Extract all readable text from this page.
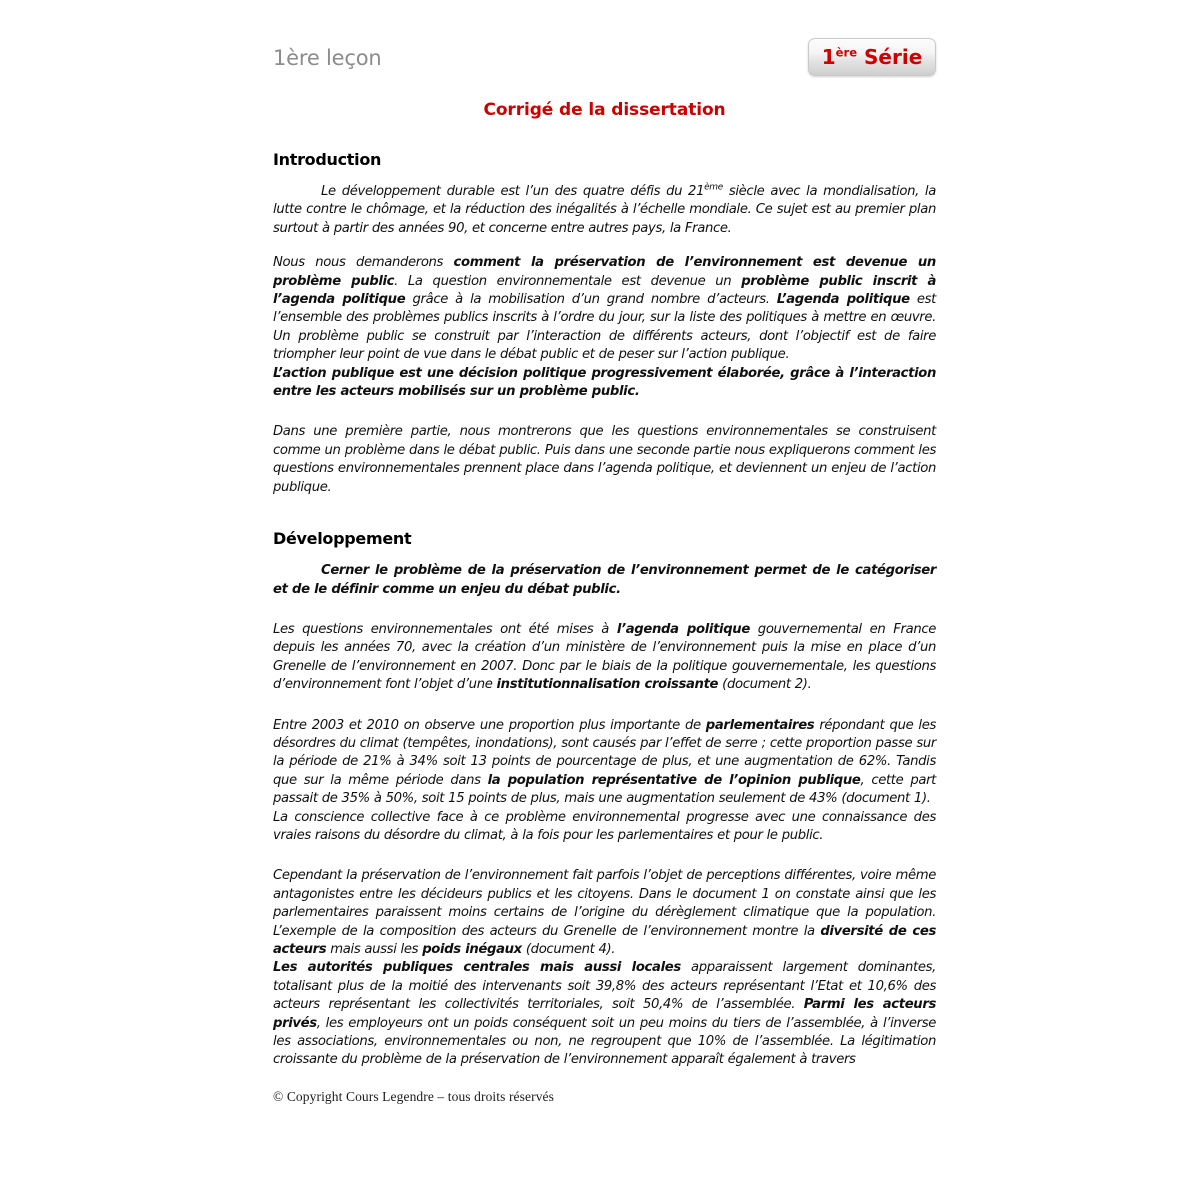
1ère leçon	1ère Série
Corrigé de la dissertation
Introduction

Le développement durable est l’un des quatre défis du 21ème siècle avec la mondialisation, la lutte contre le chômage, et la réduction des inégalités à l’échelle mondiale. Ce sujet est au premier plan surtout à partir des années 90, et concerne entre autres pays, la France.

Nous nous demanderons comment la préservation de l’environnement est devenue un problème public. La question environnementale est devenue un problème public inscrit à l’agenda politique grâce à la mobilisation d’un grand nombre d’acteurs. L’agenda politique est l’ensemble des problèmes publics inscrits à l’ordre du jour, sur la liste des politiques à mettre en œuvre. Un problème public se construit par l’interaction de différents acteurs, dont l’objectif est de faire triompher leur point de vue dans le débat public et de peser sur l’action publique.

L’action publique est une décision politique progressivement élaborée, grâce à l’interaction entre les acteurs mobilisés sur un problème public.

Dans une première partie, nous montrerons que les questions environnementales se construisent comme un problème dans le débat public. Puis dans une seconde partie nous expliquerons comment les questions environnementales prennent place dans l’agenda politique, et deviennent un enjeu de l’action publique.

Développement

Cerner le problème de la préservation de l’environnement permet de le catégoriser et de le définir comme un enjeu du débat public.

Les questions environnementales ont été mises à l’agenda politique gouvernemental en France depuis les années 70, avec la création d’un ministère de l’environnement puis la mise en place d’un Grenelle de l’environnement en 2007. Donc par le biais de la politique gouvernementale, les questions d’environnement font l’objet d’une institutionnalisation croissante (document 2).

Entre 2003 et 2010 on observe une proportion plus importante de parlementaires répondant que les désordres du climat (tempêtes, inondations), sont causés par l’effet de serre ; cette proportion passe sur la période de 21% à 34% soit 13 points de pourcentage de plus, et une augmentation de 62%. Tandis que sur la même période dans la population représentative de l’opinion publique, cette part passait de 35% à 50%, soit 15 points de plus, mais une augmentation seulement de 43% (document 1).

La conscience collective face à ce problème environnemental progresse avec une connaissance des vraies raisons du désordre du climat, à la fois pour les parlementaires et pour le public.

Cependant la préservation de l’environnement fait parfois l’objet de perceptions différentes, voire même antagonistes entre les décideurs publics et les citoyens. Dans le document 1 on constate ainsi que les parlementaires paraissent moins certains de l’origine du dérèglement climatique que la population. L’exemple de la composition des acteurs du Grenelle de l’environnement montre la diversité de ces acteurs mais aussi les poids inégaux (document 4).

Les autorités publiques centrales mais aussi locales apparaissent largement dominantes, totalisant plus de la moitié des intervenants soit 39,8% des acteurs représentant l’Etat et 10,6% des acteurs représentant les collectivités territoriales, soit 50,4% de l’assemblée. Parmi les acteurs privés, les employeurs ont un poids conséquent soit un peu moins du tiers de l’assemblée, à l’inverse les associations, environnementales ou non, ne regroupent que 10% de l’assemblée. La légitimation croissante du problème de la préservation de l’environnement apparaît également à travers

© Copyright Cours Legendre – tous droits réservés
